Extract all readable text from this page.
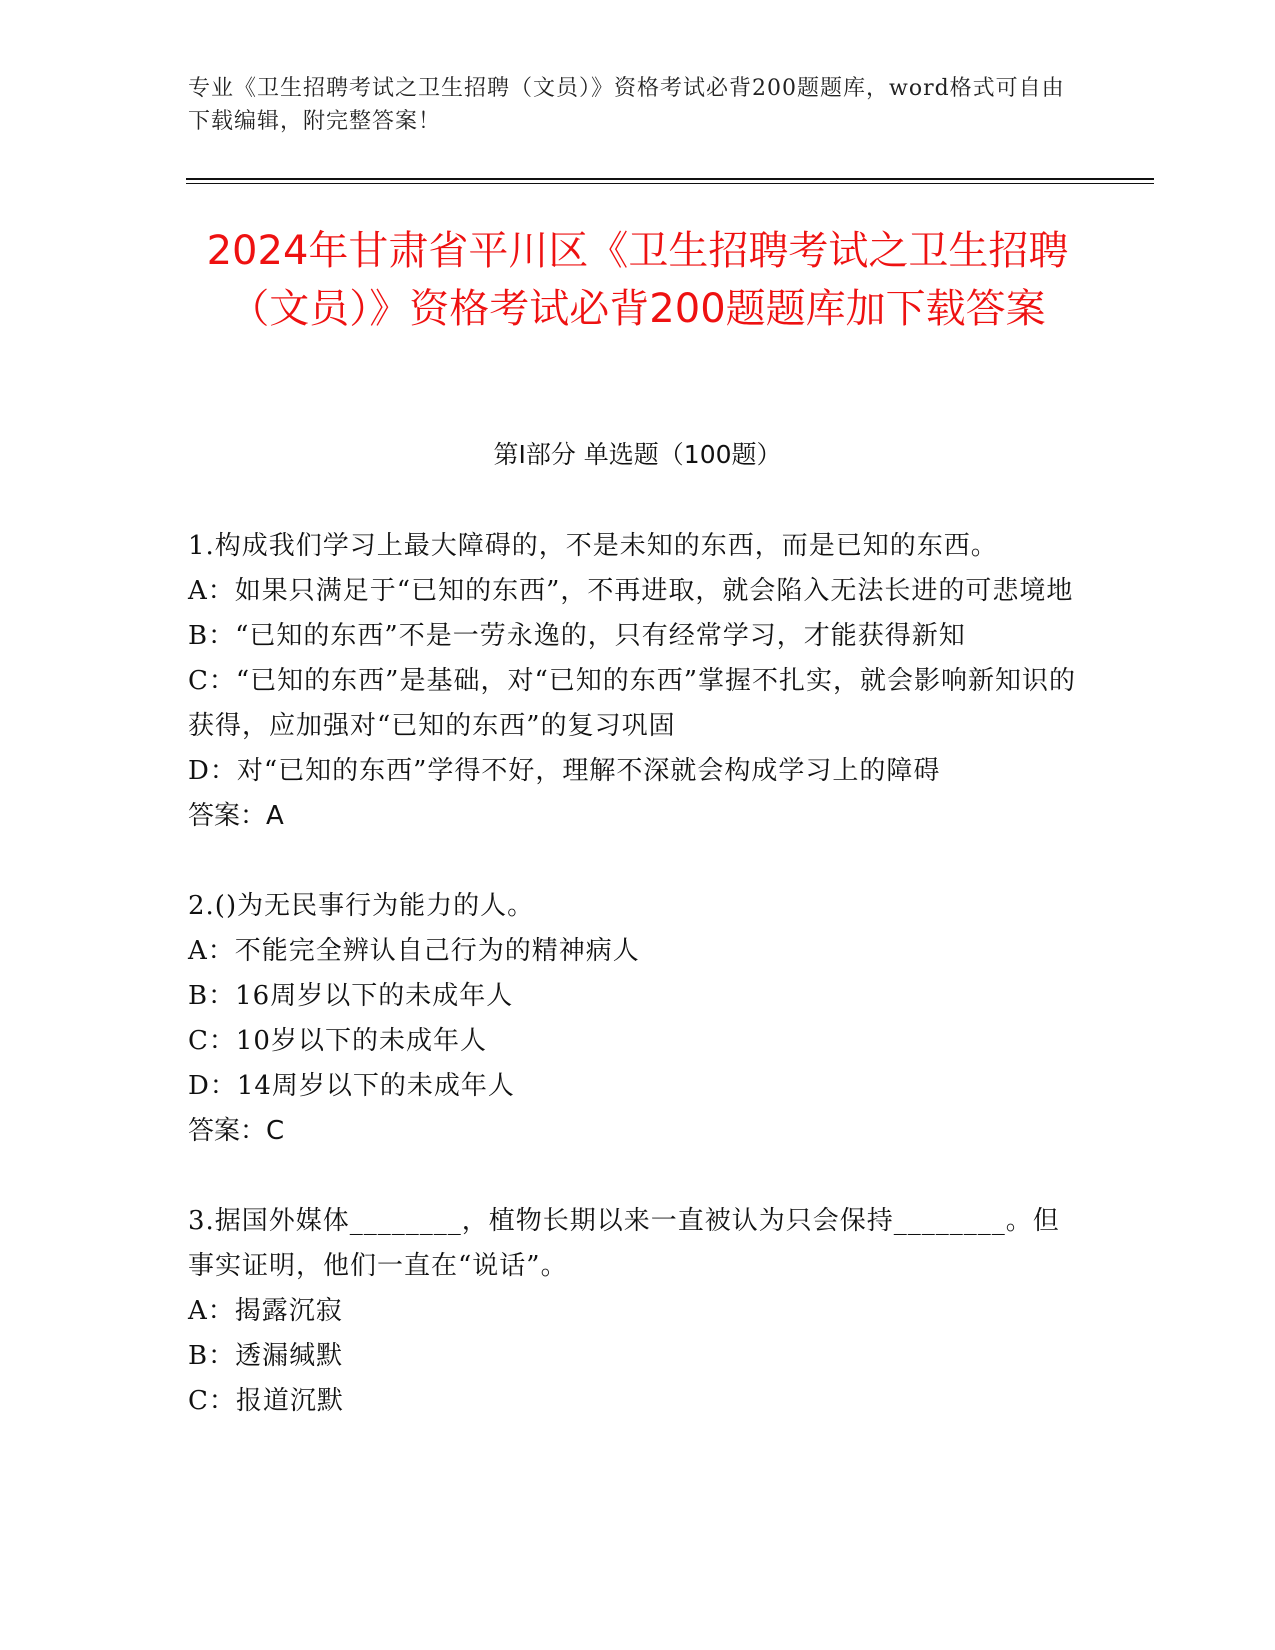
专业《卫生招聘考试之卫生招聘（文员）》资格考试必背200题题库，word格式可自由下载编辑，附完整答案！
2024年甘肃省平川区《卫生招聘考试之卫生招聘（文员）》资格考试必背200题题库加下载答案
第I部分 单选题（100题）

1.构成我们学习上最大障碍的，不是未知的东西，而是已知的东西。

A：如果只满足于“已知的东西”，不再进取，就会陷入无法长进的可悲境地

B：“已知的东西”不是一劳永逸的，只有经常学习，才能获得新知

C：“已知的东西”是基础，对“已知的东西”掌握不扎实，就会影响新知识的获得，应加强对“已知的东西”的复习巩固

D：对“已知的东西”学得不好，理解不深就会构成学习上的障碍

答案：A

2.()为无民事行为能力的人。

A：不能完全辨认自己行为的精神病人

B：16周岁以下的未成年人

C：10岁以下的未成年人

D：14周岁以下的未成年人

答案：C

3.据国外媒体________，植物长期以来一直被认为只会保持________。但事实证明，他们一直在“说话”。

A：揭露沉寂

B：透漏缄默

C：报道沉默
